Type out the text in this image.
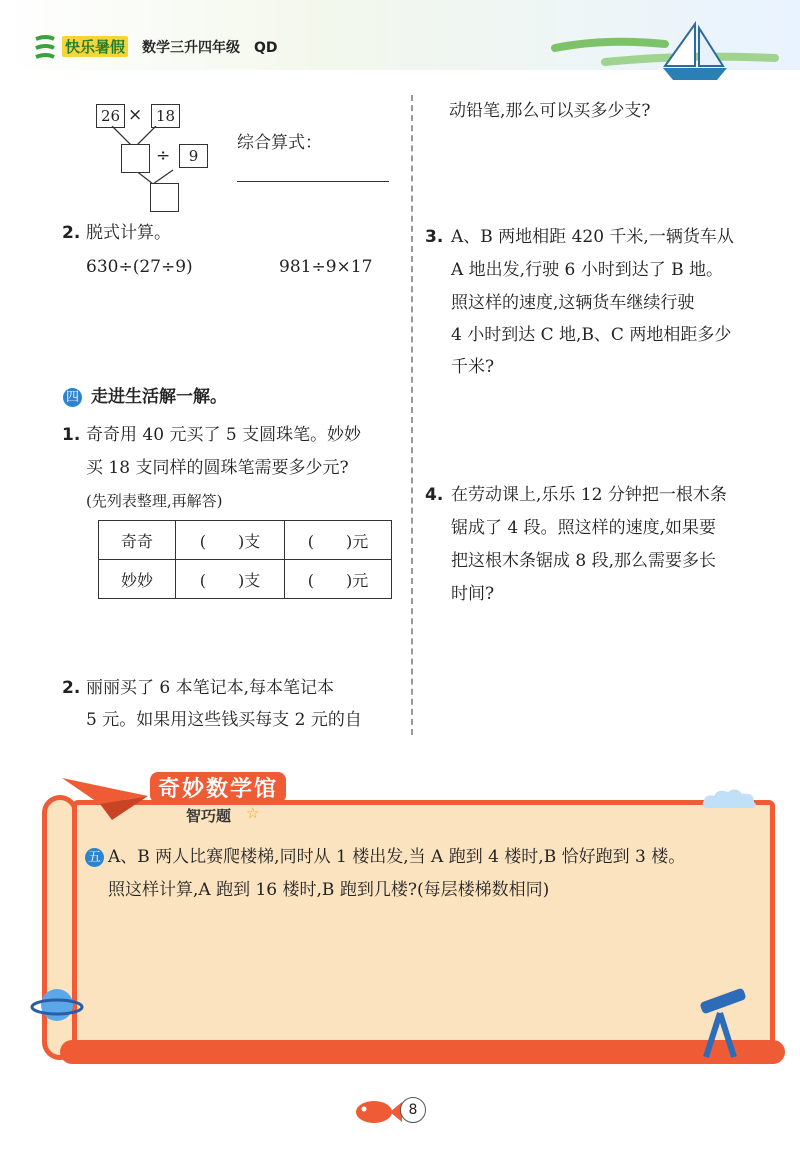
快乐暑假 数学三升四年级　QD
26 × 18
÷	9
综合算式：
2. 脱式计算。
630÷(27÷9)	981÷9×17
四 走进生活解一解。
1. 奇奇用 40 元买了 5 支圆珠笔。妙妙
买 18 支同样的圆珠笔需要多少元?
(先列表整理,再解答)
奇奇	(　　)支	(　　)元
妙妙	(　　)支	(　　)元
2. 丽丽买了 6 本笔记本,每本笔记本
5 元。如果用这些钱买每支 2 元的自
动铅笔,那么可以买多少支?
3. A、B 两地相距 420 千米,一辆货车从
A 地出发,行驶 6 小时到达了 B 地。
照这样的速度,这辆货车继续行驶
4 小时到达 C 地,B、C 两地相距多少
千米?
4. 在劳动课上,乐乐 12 分钟把一根木条
锯成了 4 段。照这样的速度,如果要
把这根木条锯成 8 段,那么需要多长
时间?
奇妙数学馆
智巧题 ☆
五 A、B 两人比赛爬楼梯,同时从 1 楼出发,当 A 跑到 4 楼时,B 恰好跑到 3 楼。
照这样计算,A 跑到 16 楼时,B 跑到几楼?(每层楼梯数相同)
8
